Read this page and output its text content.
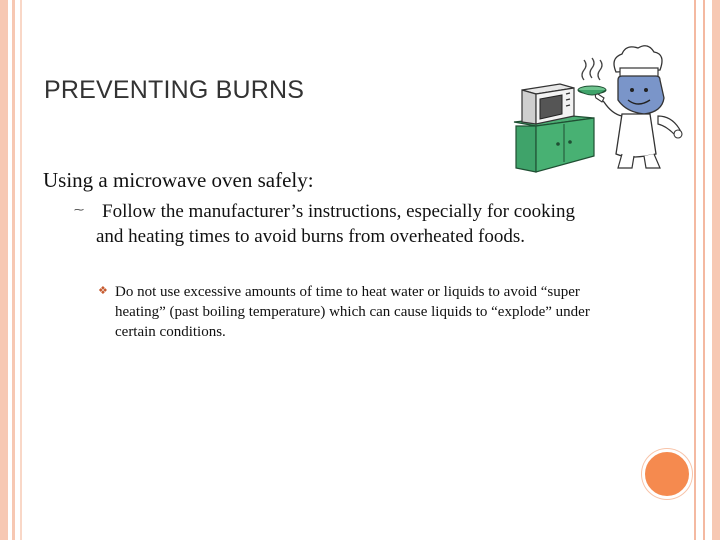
PREVENTING BURNS
Using a microwave oven safely:
⁓ Follow the manufacturer’s instructions, especially for cooking and heating times to avoid burns from overheated foods.
❖ Do not use excessive amounts of time to heat water or liquids to avoid “super heating” (past boiling temperature) which can cause liquids to “explode” under certain conditions.
